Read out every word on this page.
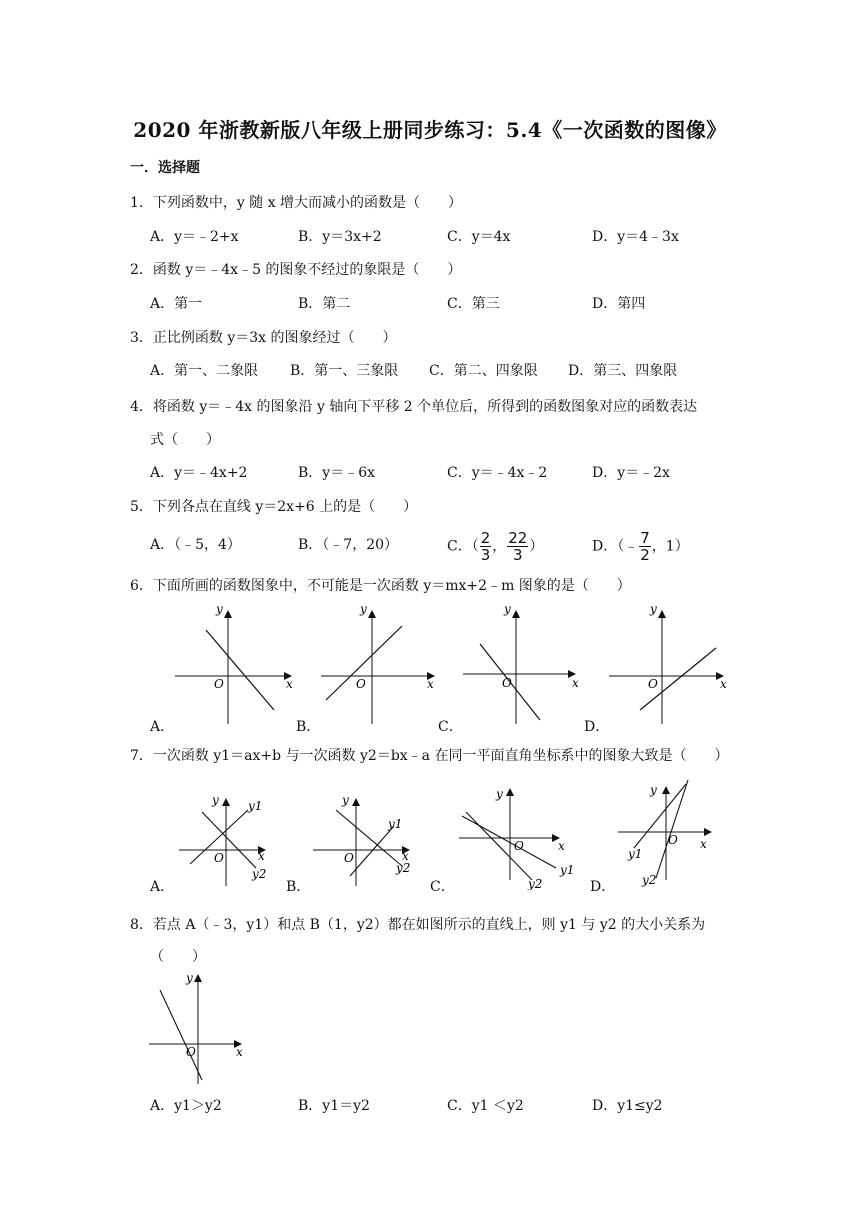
2020 年浙教新版八年级上册同步练习：5.4《一次函数的图像》
一．选择题
1．下列函数中，y 随 x 增大而减小的函数是（　　）
A．y＝﹣2+x	B．y＝3x+2	C．y＝4x	D．y＝4﹣3x
2．函数 y＝﹣4x﹣5 的图象不经过的象限是（　　）
A．第一	B．第二	C．第三	D．第四
3．正比例函数 y＝3x 的图象经过（　　）
A．第一、二象限 B．第一、三象限 C．第二、四象限 D．第三、四象限
4．将函数 y＝﹣4x 的图象沿 y 轴向下平移 2 个单位后，所得到的函数图象对应的函数表达
式（　　）
A．y＝﹣4x+2	B．y＝﹣6x	C．y＝﹣4x﹣2	D．y＝﹣2x
5．下列各点在直线 y＝2x+6 上的是（　　）
A．（﹣5，4）	B．（﹣7，20）	C．（ $\frac{2}{3}$ ， $\frac{22}{3}$ ）	D．（﹣ $\frac{7}{2}$ ，1）
6．下面所画的函数图象中，不可能是一次函数 y＝mx+2﹣m 图象的是（　　）
y
x
O
A．
y
x
O
B．
y
x
O
C．
y
x
O
D．
7．一次函数 y1＝ax+b 与一次函数 y2＝bx﹣a 在同一平面直角坐标系中的图象大致是（　　）
y
x
O
y1
y2
A．
y
x
O
y1
y2
B．
y
x
O
y1
y2
C．
y
x
O
y1
y2
D．
8．若点 A（﹣3，y1）和点 B（1，y2）都在如图所示的直线上，则 y1 与 y2 的大小关系为
（　　）
y
x
O
A．y1＞y2	B．y1＝y2	C．y1 ＜y2	D．y1≤y2
